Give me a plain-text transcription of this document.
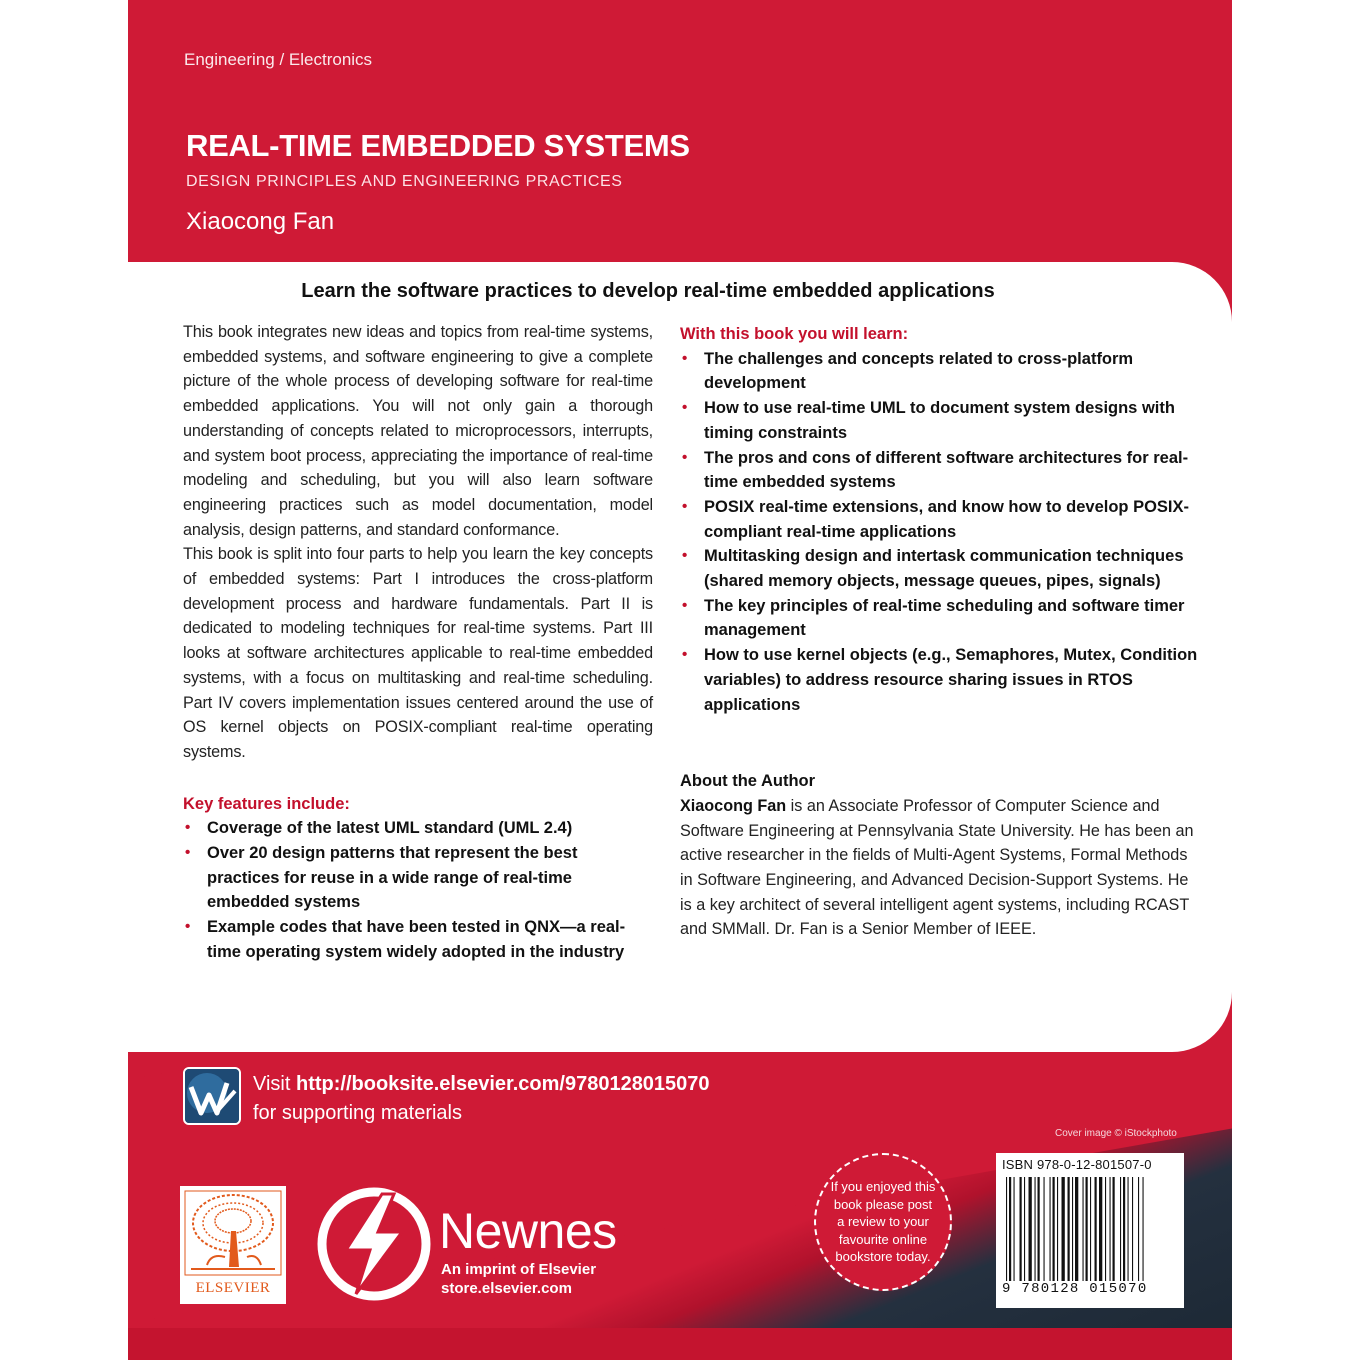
Engineering / Electronics
REAL-TIME EMBEDDED SYSTEMS
DESIGN PRINCIPLES AND ENGINEERING PRACTICES
Xiaocong Fan
Learn the software practices to develop real-time embedded applications

This book integrates new ideas and topics from real-time systems, embedded systems, and software engineering to give a complete picture of the whole process of developing software for real-time embedded applications. You will not only gain a thorough understanding of concepts related to microprocessors, interrupts, and system boot process, appreciating the importance of real-time modeling and scheduling, but you will also learn software engineering practices such as model documentation, model analysis, design patterns, and standard conformance.

This book is split into four parts to help you learn the key concepts of embedded systems: Part I introduces the cross-platform development process and hardware fundamentals. Part II is dedicated to modeling techniques for real-time systems. Part III looks at software architectures applicable to real-time embedded systems, with a focus on multitasking and real-time scheduling. Part IV covers implementation issues centered around the use of OS kernel objects on POSIX-compliant real-time operating systems.

Key features include:
• Coverage of the latest UML standard (UML 2.4)
• Over 20 design patterns that represent the best practices for reuse in a wide range of real-time embedded systems
• Example codes that have been tested in QNX—a real-time operating system widely adopted in the industry
With this book you will learn:
• The challenges and concepts related to cross-platform development
• How to use real-time UML to document system designs with timing constraints
• The pros and cons of different software architectures for real-time embedded systems
• POSIX real-time extensions, and know how to develop POSIX-compliant real-time applications
• Multitasking design and intertask communication techniques (shared memory objects, message queues, pipes, signals)
• The key principles of real-time scheduling and software timer management
• How to use kernel objects (e.g., Semaphores, Mutex, Condition variables) to address resource sharing issues in RTOS applications
About the Author

Xiaocong Fan is an Associate Professor of Computer Science and Software Engineering at Pennsylvania State University. He has been an active researcher in the fields of Multi-Agent Systems, Formal Methods in Software Engineering, and Advanced Decision-Support Systems. He is a key architect of several intelligent agent systems, including RCAST and SMMall. Dr. Fan is a Senior Member of IEEE.

Visit http://booksite.elsevier.com/9780128015070
for supporting materials
Cover image © iStockphoto
ELSEVIER
Newnes
An imprint of Elsevier
store.elsevier.com
If you enjoyed this book please post a review to your favourite online bookstore today.
ISBN 978-0-12-801507-0
9 780128 015070
